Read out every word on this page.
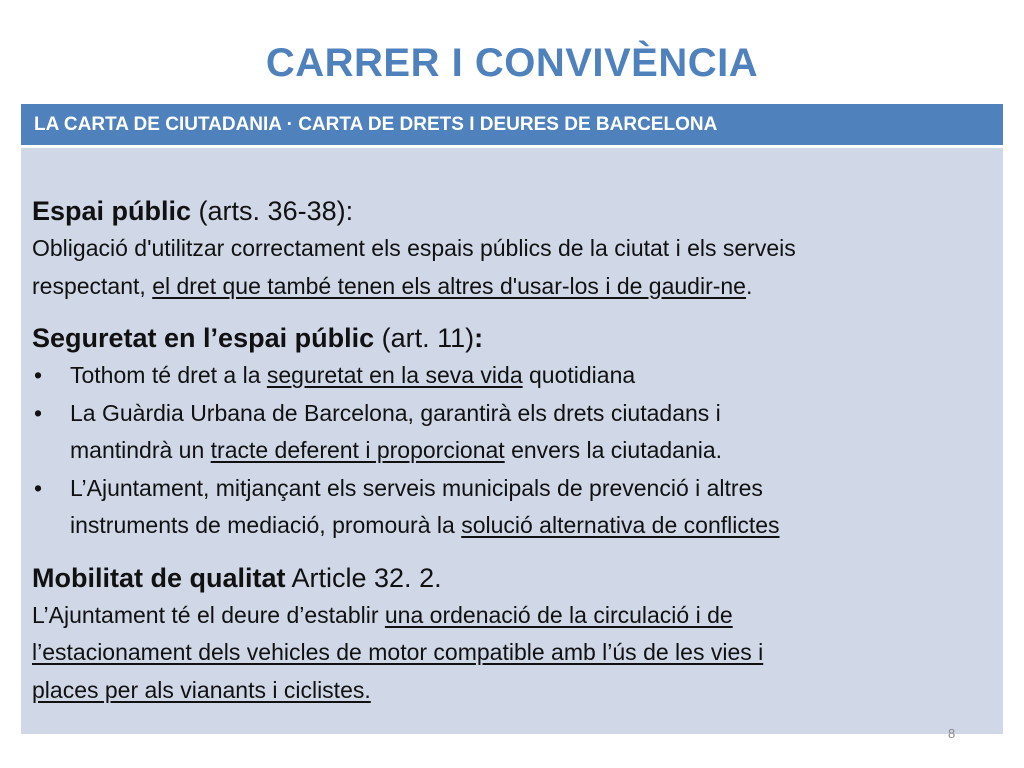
CARRER I CONVIVÈNCIA
LA CARTA DE CIUTADANIA · CARTA DE DRETS I DEURES DE BARCELONA
Espai públic (arts. 36-38):
Obligació d'utilitzar correctament els espais públics de la ciutat i els serveis
respectant, el dret que també tenen els altres d'usar-los i de gaudir-ne.
Seguretat en l’espai públic (art. 11):
• Tothom té dret a la seguretat en la seva vida quotidiana
• La Guàrdia Urbana de Barcelona, garantirà els drets ciutadans i
mantindrà un tracte deferent i proporcionat envers la ciutadania.
• L’Ajuntament, mitjançant els serveis municipals de prevenció i altres
instruments de mediació, promourà la solució alternativa de conflictes
Mobilitat de qualitat Article 32. 2.
L’Ajuntament té el deure d’establir una ordenació de la circulació i de
l’estacionament dels vehicles de motor compatible amb l’ús de les vies i
places per als vianants i ciclistes.
8
